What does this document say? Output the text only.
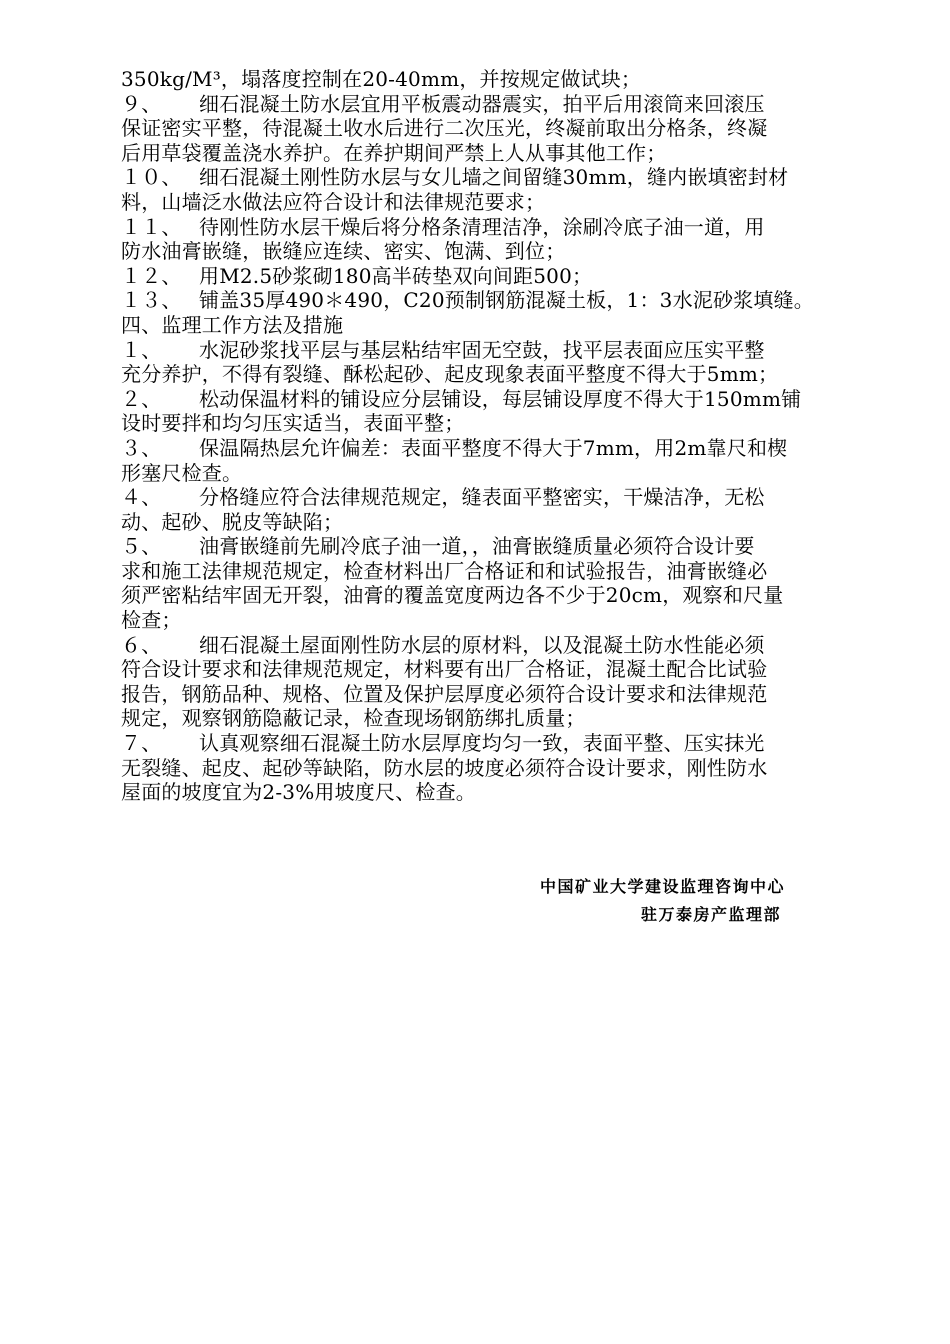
350kg/M³，塌落度控制在20-40mm，并按规定做试块；
９、 细石混凝土防水层宜用平板震动器震实，拍平后用滚筒来回滚压
保证密实平整，待混凝土收水后进行二次压光，终凝前取出分格条，终凝
后用草袋覆盖浇水养护。在养护期间严禁上人从事其他工作；
１０、 细石混凝土刚性防水层与女儿墙之间留缝30mm，缝内嵌填密封材
料，山墙泛水做法应符合设计和法律规范要求；
１１、 待刚性防水层干燥后将分格条清理洁净，涂刷冷底子油一道，用
防水油膏嵌缝，嵌缝应连续、密实、饱满、到位；
１２、 用M2.5砂浆砌180高半砖垫双向间距500；
１３、 铺盖35厚490＊490，C20预制钢筋混凝土板，1：3水泥砂浆填缝。
四、监理工作方法及措施
１、 水泥砂浆找平层与基层粘结牢固无空鼓，找平层表面应压实平整
充分养护，不得有裂缝、酥松起砂、起皮现象表面平整度不得大于5mm；
２、 松动保温材料的铺设应分层铺设，每层铺设厚度不得大于150mm铺
设时要拌和均匀压实适当，表面平整；
３、 保温隔热层允许偏差：表面平整度不得大于7mm，用2m靠尺和楔
形塞尺检查。
４、 分格缝应符合法律规范规定，缝表面平整密实，干燥洁净，无松
动、起砂、脱皮等缺陷；
５、 油膏嵌缝前先刷冷底子油一道，，油膏嵌缝质量必须符合设计要
求和施工法律规范规定，检查材料出厂合格证和和试验报告，油膏嵌缝必
须严密粘结牢固无开裂，油膏的覆盖宽度两边各不少于20cm，观察和尺量
检查；
６、 细石混凝土屋面刚性防水层的原材料，以及混凝土防水性能必须
符合设计要求和法律规范规定，材料要有出厂合格证，混凝土配合比试验
报告，钢筋品种、规格、位置及保护层厚度必须符合设计要求和法律规范
规定，观察钢筋隐蔽记录，检查现场钢筋绑扎质量；
７、 认真观察细石混凝土防水层厚度均匀一致，表面平整、压实抹光
无裂缝、起皮、起砂等缺陷，防水层的坡度必须符合设计要求，刚性防水
屋面的坡度宜为2-3%用坡度尺、检查。
中国矿业大学建设监理咨询中心
驻万泰房产监理部
